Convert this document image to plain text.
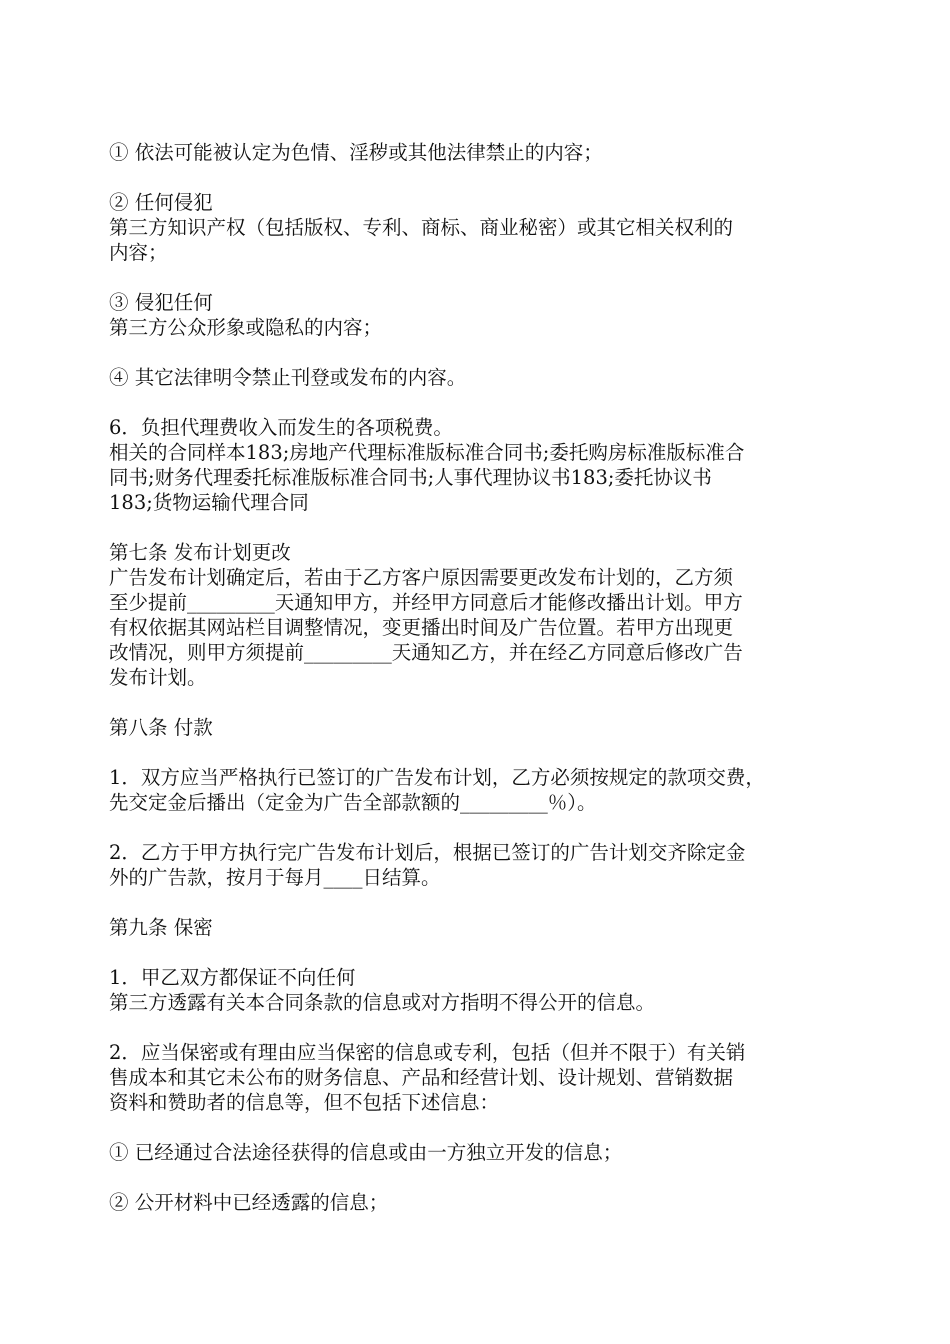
① 依法可能被认定为色情、淫秽或其他法律禁止的内容；

② 任何侵犯
第三方知识产权（包括版权、专利、商标、商业秘密）或其它相关权利的
内容；

③ 侵犯任何
第三方公众形象或隐私的内容；

④ 其它法律明令禁止刊登或发布的内容。

6．负担代理费收入而发生的各项税费。
相关的合同样本183;房地产代理标准版标准合同书;委托购房标准版标准合
同书;财务代理委托标准版标准合同书;人事代理协议书183;委托协议书
183;货物运输代理合同

第七条 发布计划更改
广告发布计划确定后，若由于乙方客户原因需要更改发布计划的，乙方须
至少提前_________天通知甲方，并经甲方同意后才能修改播出计划。甲方
有权依据其网站栏目调整情况，变更播出时间及广告位置。若甲方出现更
改情况，则甲方须提前_________天通知乙方，并在经乙方同意后修改广告
发布计划。

第八条 付款

1．双方应当严格执行已签订的广告发布计划，乙方必须按规定的款项交费，
先交定金后播出（定金为广告全部款额的_________％）。

2．乙方于甲方执行完广告发布计划后，根据已签订的广告计划交齐除定金
外的广告款，按月于每月____日结算。

第九条 保密

1．甲乙双方都保证不向任何
第三方透露有关本合同条款的信息或对方指明不得公开的信息。

2．应当保密或有理由应当保密的信息或专利，包括（但并不限于）有关销
售成本和其它未公布的财务信息、产品和经营计划、设计规划、营销数据
资料和赞助者的信息等，但不包括下述信息：

① 已经通过合法途径获得的信息或由一方独立开发的信息；

② 公开材料中已经透露的信息；
